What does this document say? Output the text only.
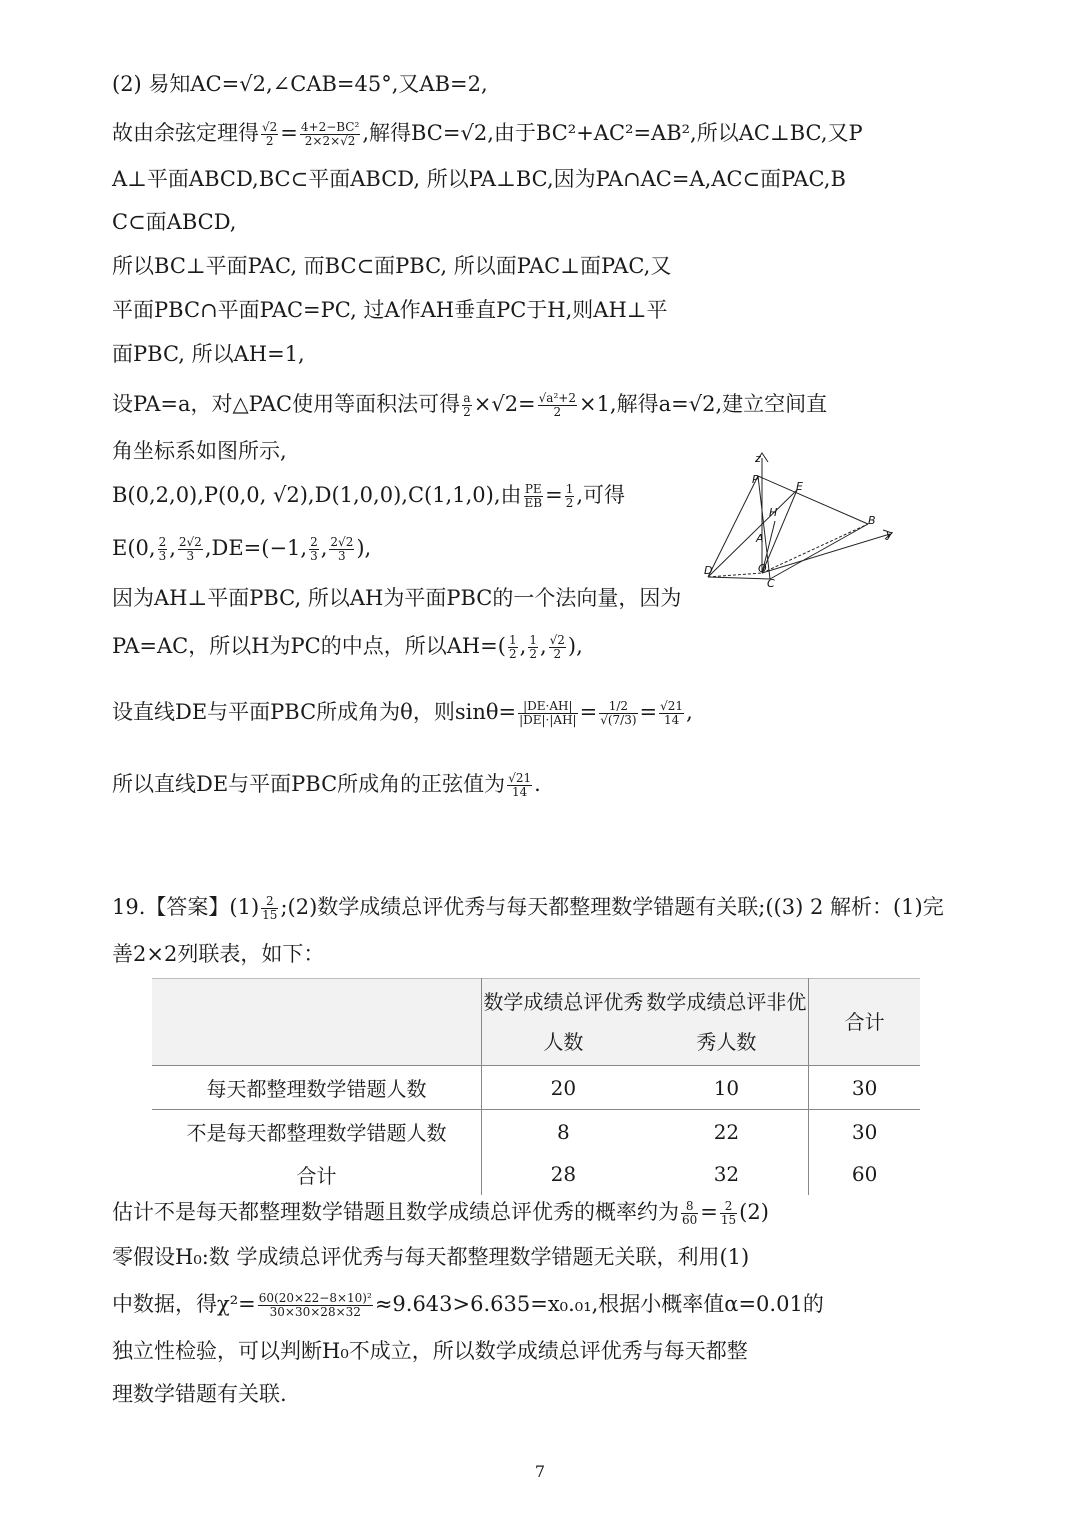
(2) 易知AC=√2,∠CAB=45°,又AB=2,
故由余弦定理得 $\frac{√2}{2} = \frac{\text{4+2−BC²}}{2\times 2\times√2}$ ,解得BC=√2,由于BC²+AC²=AB²,所以AC⊥BC,又P
A⊥平面ABCD,BC⊂平面ABCD, 所以PA⊥BC,因为PA∩AC=A,AC⊂面PAC,B
C⊂面ABCD,
所以BC⊥平面PAC, 而BC⊂面PBC, 所以面PAC⊥面PAC,又
平面PBC∩平面PAC=PC, 过A作AH垂直PC于H,则AH⊥平
面PBC, 所以AH=1,
设PA=a，对△PAC使用等面积法可得 $\frac{a}{2} \times√2= \frac{\text{√a²+2}}{2} \times 1$,解得a=√2,建立空间直
角坐标系如图所示,
B(0,2,0),P(0,0, √2),D(1,0,0),C(1,1,0),由 $\frac{PE}{EB} = \frac{1}{2}$ ,可得
E(0, $\frac{2}{3}$ , $\frac{2√2}{3} ,DE=(-1$, $\frac{2}{3}$ , $\frac{2√2}{3}$ ),
因为AH⊥平面PBC, 所以AH为平面PBC的一个法向量，因为
PA=AC，所以H为PC的中点，所以$AH=( \frac{1}{2}$ , $\frac{1}{2}$ , $\frac{√2}{2}$ ),
设直线DE与平面PBC所成角为θ，则$\sin\theta= \frac{|DE\cdot AH|}{|DE|\cdot|AH|} = \frac{1/2}{√(7/3)} = \frac{√21}{14}$ ,
所以直线DE与平面PBC所成角的正弦值为 $\frac{√21}{14}$ .
z
y
P
E
H
A
B
D	O
C
19.【答案】$(1) \frac{2}{15}$ ;(2)数学成绩总评优秀与每天都整理数学错题有关联;((3) 2 解析：(1)完
善2×2列联表，如下：
	数学成绩总评优秀人数	数学成绩总评非优秀人数	合计
每天都整理数学错题人数	20	10	30
不是每天都整理数学错题人数	8	22	30
合计	28	32	60
估计不是每天都整理数学错题且数学成绩总评优秀的概率约为 $\frac{8}{60} = \frac{2}{15} (2)$
零假设H₀:数 学成绩总评优秀与每天都整理数学错题无关联，利用(1)
中数据，得$\chi^2= \frac{\text{60(20×22−8×10)²}}{30\times 30\times 28\times 32} \approx 9.643>6.635=x_0._{01}$,根据小概率值α=0.01的
独立性检验，可以判断H₀不成立，所以数学成绩总评优秀与每天都整
理数学错题有关联.
7
